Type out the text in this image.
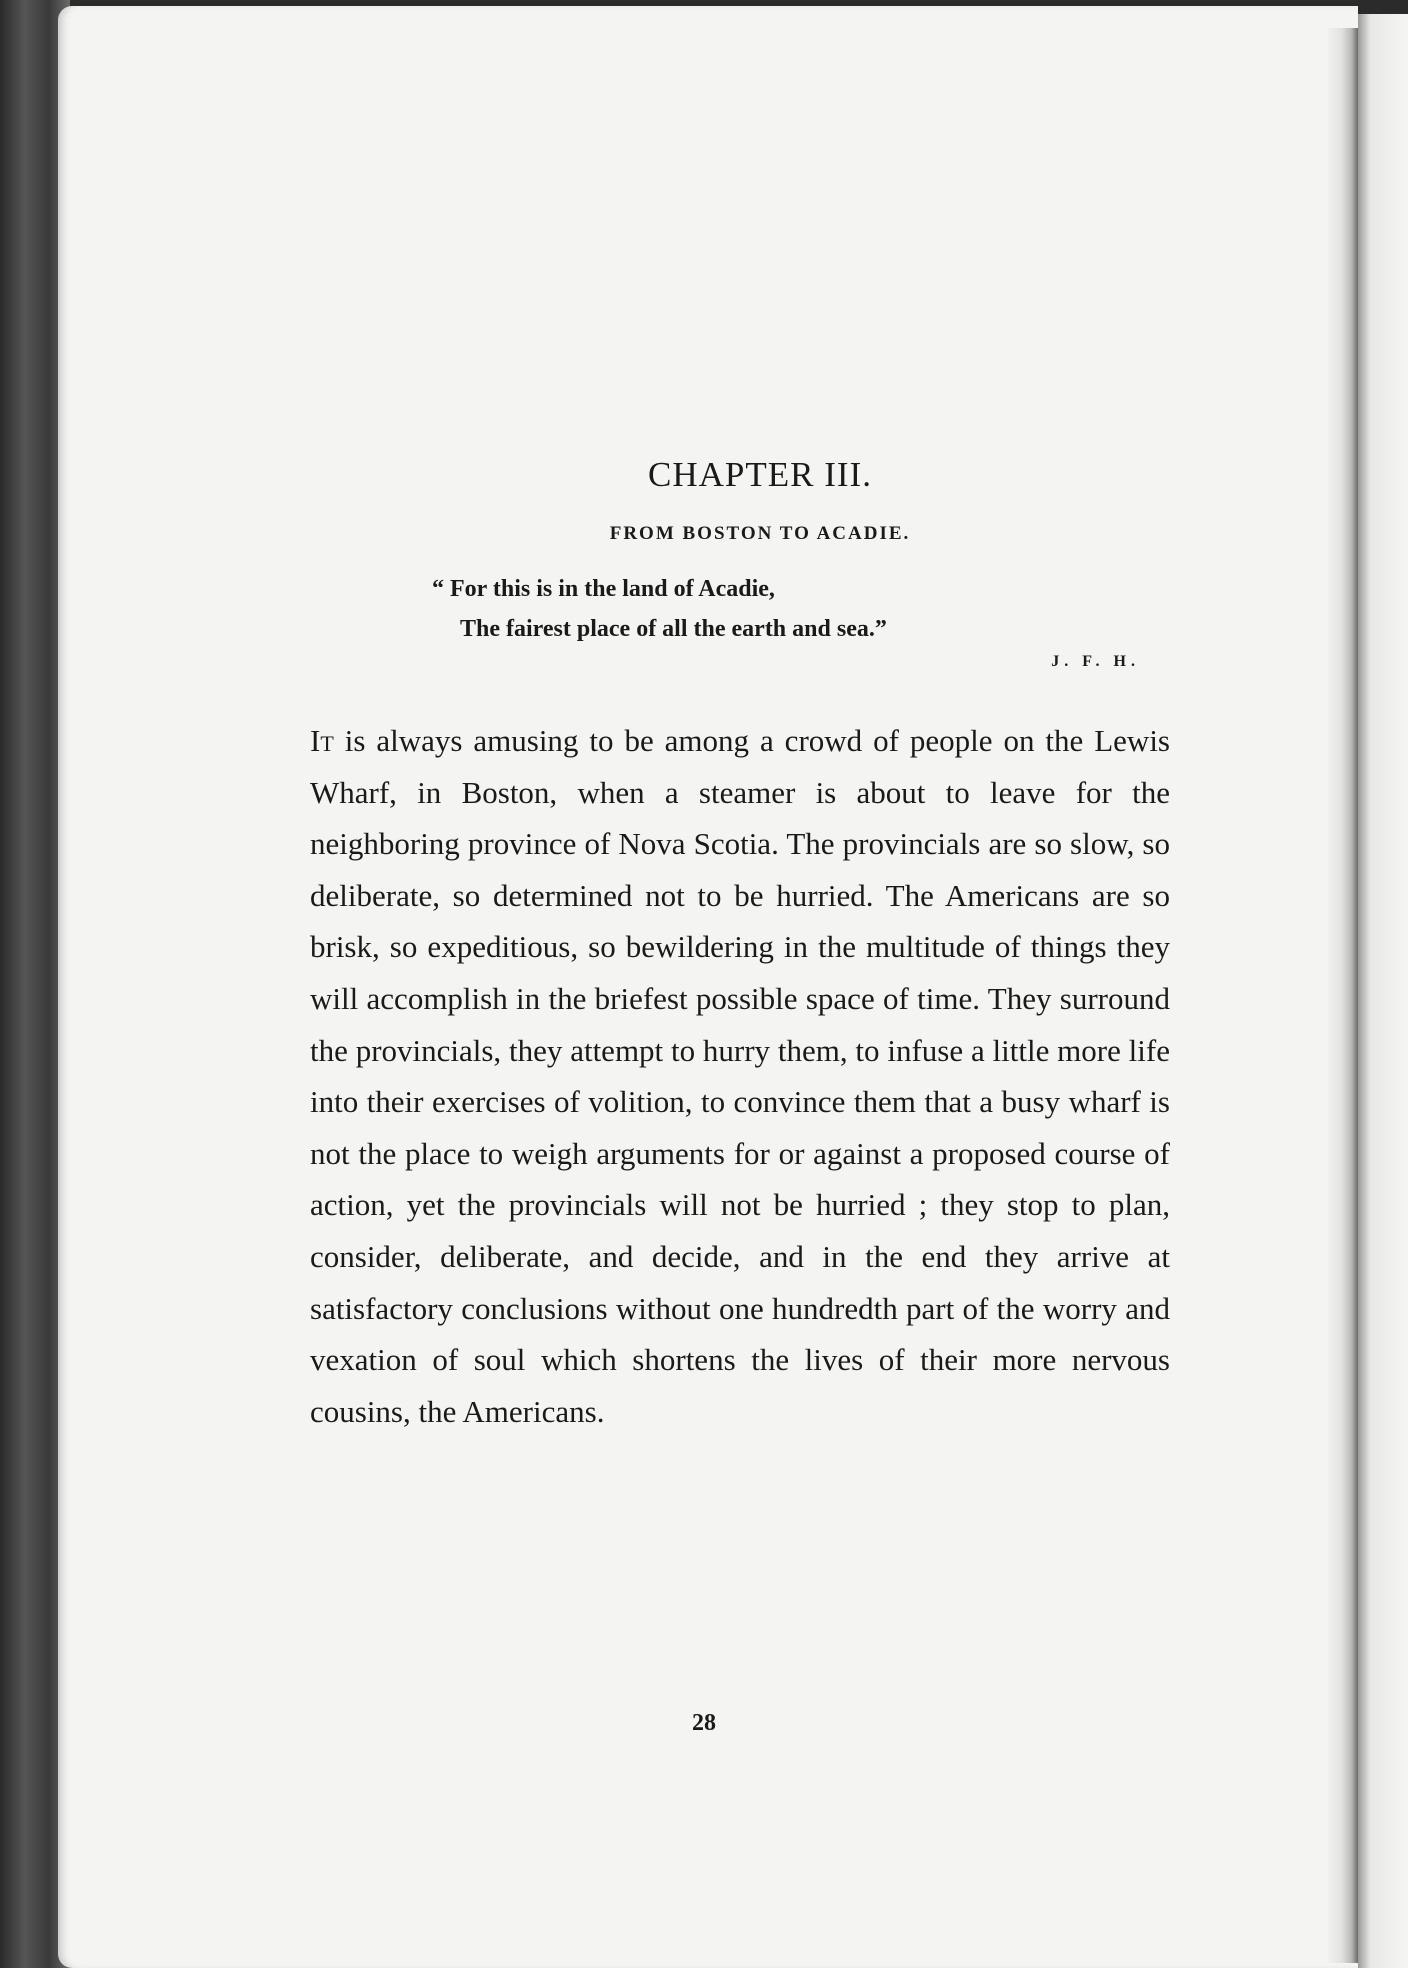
CHAPTER III.
FROM BOSTON TO ACADIE.
“ For this is in the land of Acadie,
The fairest place of all the earth and sea.”
J. F. H.

It is always amusing to be among a crowd of people on the Lewis Wharf, in Boston, when a steamer is about to leave for the neighboring province of Nova Scotia. The provincials are so slow, so deliberate, so determined not to be hurried. The Americans are so brisk, so expeditious, so bewildering in the multitude of things they will accomplish in the briefest possible space of time. They surround the provincials, they attempt to hurry them, to infuse a little more life into their exercises of volition, to convince them that a busy wharf is not the place to weigh arguments for or against a proposed course of action, yet the provincials will not be hurried ; they stop to plan, consider, deliberate, and decide, and in the end they arrive at satisfactory conclusions without one hundredth part of the worry and vexation of soul which shortens the lives of their more nervous cousins, the Americans.

28
